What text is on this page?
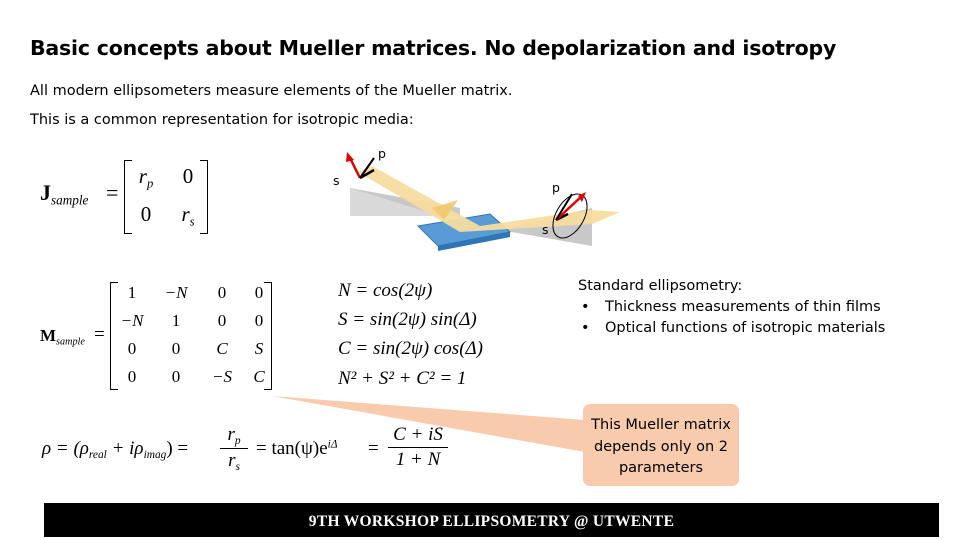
Basic concepts about Mueller matrices. No depolarization and isotropy
All modern ellipsometers measure elements of the Mueller matrix.
This is a common representation for isotropic media:
$J_{sample}$ =
$r_p$	0
0	$r_s$
$M_{sample}$ =
1	−N	0	0
−N	1	0	0
0	0	C	S
0	0	−S	C
N = cos(2ψ)
S = sin(2ψ) sin(Δ)
C = sin(2ψ) cos(Δ)
N² + S² + C² = 1
p
s	p
s
$\rho = (\rho_{real} + i\rho_{imag})$ =
$r_p$
$r_s$
= $\tan(\psi)e^{i\Delta}$ =
C + iS
1 + N
Standard ellipsometry:
•	Thickness measurements of thin films
•	Optical functions of isotropic materials
This Mueller matrix
depends only on 2
parameters
9TH WORKSHOP ELLIPSOMETRY @ UTWENTE
